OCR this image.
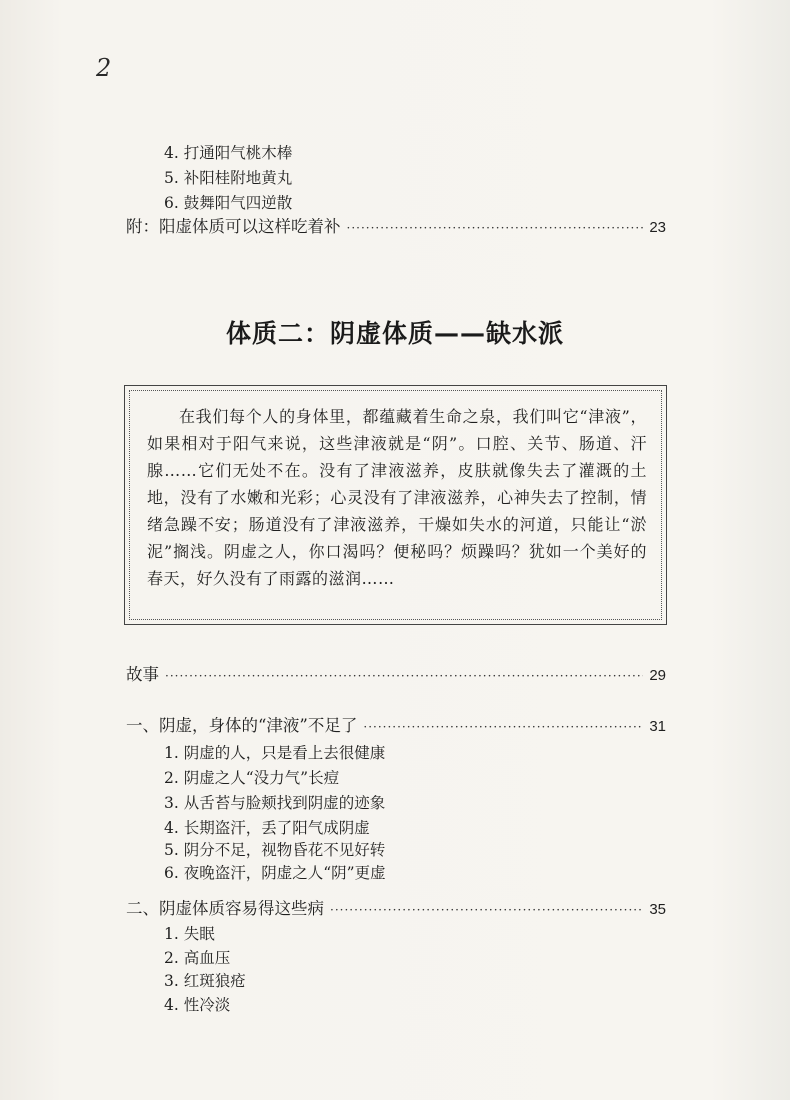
2
4. 打通阳气桃木棒
5. 补阳桂附地黄丸
6. 鼓舞阳气四逆散
附：阳虚体质可以这样吃着补 ·····	23
体质二：阴虚体质——缺水派
在我们每个人的身体里，都蕴藏着生命之泉，我们叫它“津液”，如果相对于阳气来说，这些津液就是“阴”。口腔、关节、肠道、汗腺……它们无处不在。没有了津液滋养，皮肤就像失去了灌溉的土地，没有了水嫩和光彩；心灵没有了津液滋养，心神失去了控制，情绪急躁不安；肠道没有了津液滋养，干燥如失水的河道，只能让“淤泥”搁浅。阴虚之人，你口渴吗？便秘吗？烦躁吗？犹如一个美好的春天，好久没有了雨露的滋润……
故事 ·····	29
一、阴虚，身体的“津液”不足了 ·····	31
1. 阴虚的人，只是看上去很健康
2. 阴虚之人“没力气”长痘
3. 从舌苔与脸颊找到阴虚的迹象
4. 长期盗汗，丢了阳气成阴虚
5. 阴分不足，视物昏花不见好转
6. 夜晚盗汗，阴虚之人“阴”更虚
二、阴虚体质容易得这些病 ·····	35
1. 失眠
2. 高血压
3. 红斑狼疮
4. 性冷淡
